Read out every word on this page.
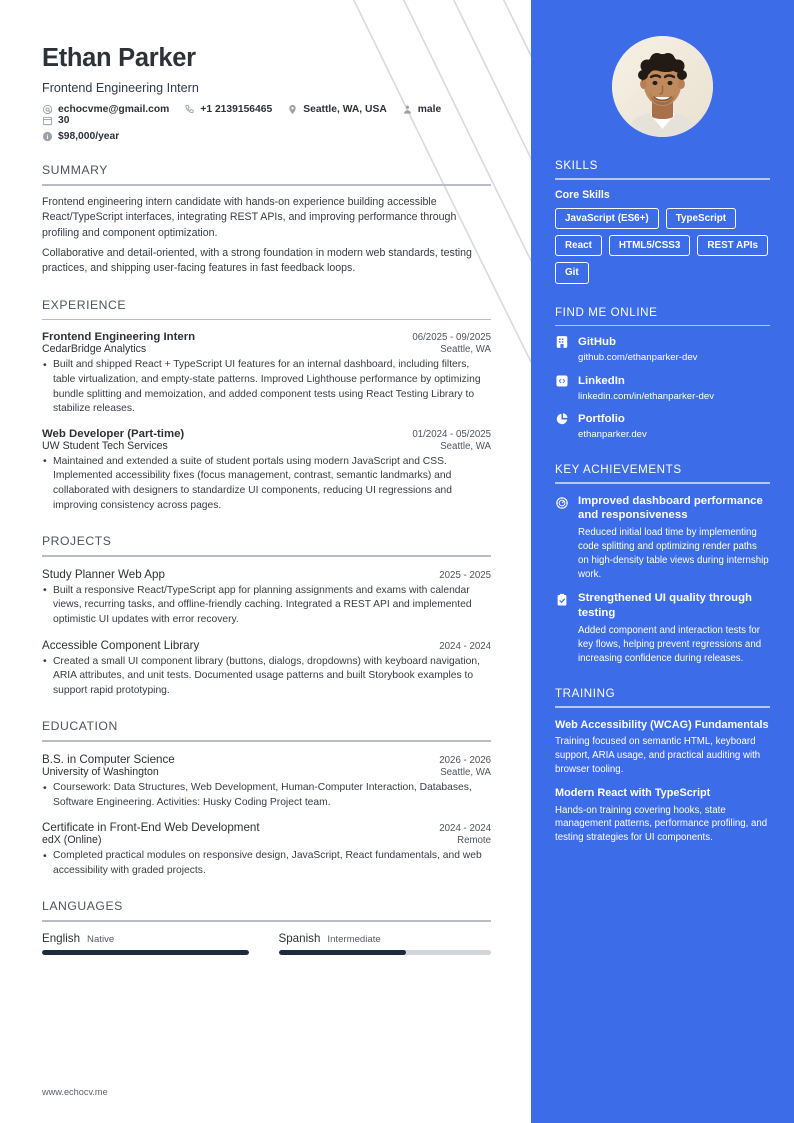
Ethan Parker
Frontend Engineering Intern
echocvme@gmail.com	+1 2139156465	Seattle, WA, USA	male
30
i $98,000/year
SUMMARY
Frontend engineering intern candidate with hands-on experience building accessible React/TypeScript interfaces, integrating REST APIs, and improving performance through profiling and component optimization.
Collaborative and detail-oriented, with a strong foundation in modern web standards, testing practices, and shipping user-facing features in fast feedback loops.
EXPERIENCE
Frontend Engineering Intern	06/2025 - 09/2025
CedarBridge Analytics	Seattle, WA
• Built and shipped React + TypeScript UI features for an internal dashboard, including filters, table virtualization, and empty-state patterns. Improved Lighthouse performance by optimizing bundle splitting and memoization, and added component tests using React Testing Library to stabilize releases.
Web Developer (Part-time)	01/2024 - 05/2025
UW Student Tech Services	Seattle, WA
• Maintained and extended a suite of student portals using modern JavaScript and CSS. Implemented accessibility fixes (focus management, contrast, semantic landmarks) and collaborated with designers to standardize UI components, reducing UI regressions and improving consistency across pages.
PROJECTS
Study Planner Web App	2025 - 2025
• Built a responsive React/TypeScript app for planning assignments and exams with calendar views, recurring tasks, and offline-friendly caching. Integrated a REST API and implemented optimistic UI updates with error recovery.
Accessible Component Library	2024 - 2024
• Created a small UI component library (buttons, dialogs, dropdowns) with keyboard navigation, ARIA attributes, and unit tests. Documented usage patterns and built Storybook examples to support rapid prototyping.
EDUCATION
B.S. in Computer Science	2026 - 2026
University of Washington	Seattle, WA
• Coursework: Data Structures, Web Development, Human-Computer Interaction, Databases, Software Engineering. Activities: Husky Coding Project team.
Certificate in Front-End Web Development	2024 - 2024
edX (Online)	Remote
• Completed practical modules on responsive design, JavaScript, React fundamentals, and web accessibility with graded projects.
LANGUAGES
English Native	Spanish Intermediate
www.echocv.me
SKILLS
Core Skills
JavaScript (ES6+)	TypeScript
React	HTML5/CSS3	REST APIs
Git
FIND ME ONLINE
GitHub
github.com/ethanparker-dev
LinkedIn
linkedin.com/in/ethanparker-dev
Portfolio
ethanparker.dev
KEY ACHIEVEMENTS
Improved dashboard performance and responsiveness
Reduced initial load time by implementing code splitting and optimizing render paths on high-density table views during internship work.
Strengthened UI quality through testing
Added component and interaction tests for key flows, helping prevent regressions and increasing confidence during releases.
TRAINING
Web Accessibility (WCAG) Fundamentals
Training focused on semantic HTML, keyboard support, ARIA usage, and practical auditing with browser tooling.
Modern React with TypeScript
Hands-on training covering hooks, state management patterns, performance profiling, and testing strategies for UI components.
